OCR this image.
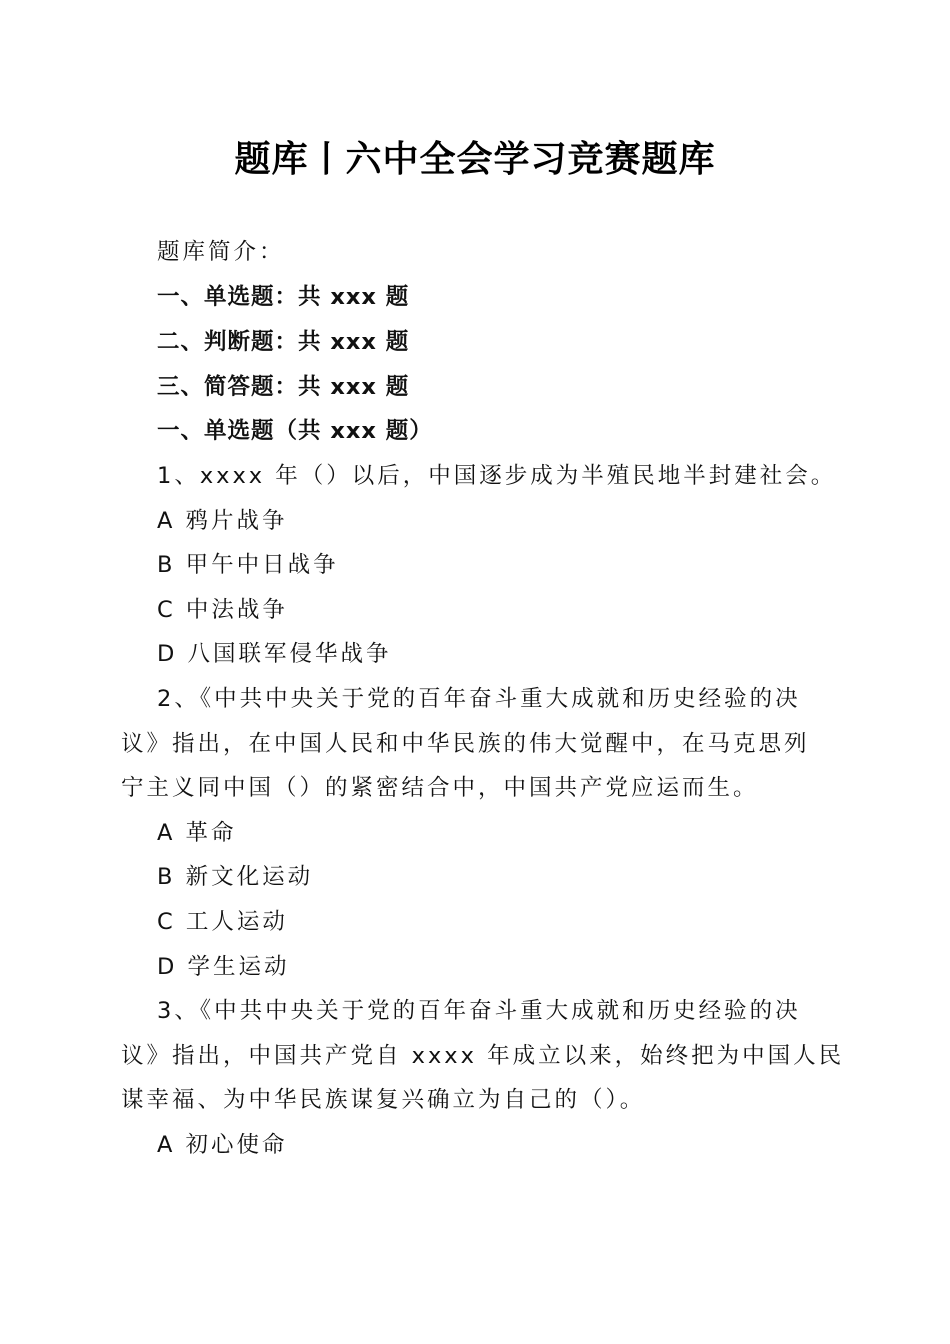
题库丨六中全会学习竞赛题库
题库简介：
一、单选题：共 xxx 题
二、判断题：共 xxx 题
三、简答题：共 xxx 题
一、单选题（共 xxx 题）
1、xxxx 年（）以后，中国逐步成为半殖民地半封建社会。
A 鸦片战争
B 甲午中日战争
C 中法战争
D 八国联军侵华战争
2、《中共中央关于党的百年奋斗重大成就和历史经验的决
议》指出，在中国人民和中华民族的伟大觉醒中，在马克思列
宁主义同中国（）的紧密结合中，中国共产党应运而生。
A 革命
B 新文化运动
C 工人运动
D 学生运动
3、《中共中央关于党的百年奋斗重大成就和历史经验的决
议》指出，中国共产党自 xxxx 年成立以来，始终把为中国人民
谋幸福、为中华民族谋复兴确立为自己的（）。
A 初心使命
